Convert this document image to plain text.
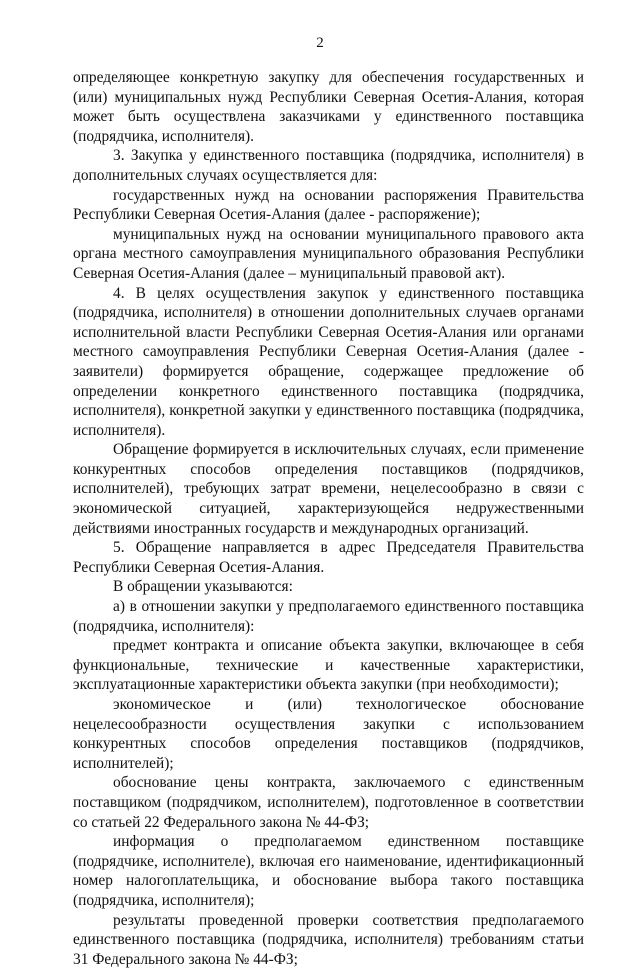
2

определяющее конкретную закупку для обеспечения государственных и (или) муниципальных нужд Республики Северная Осетия-Алания, которая может быть осуществлена заказчиками у единственного поставщика (подрядчика, исполнителя).

3. Закупка у единственного поставщика (подрядчика, исполнителя) в дополнительных случаях осуществляется для:

государственных нужд на основании распоряжения Правительства Республики Северная Осетия-Алания (далее - распоряжение);

муниципальных нужд на основании муниципального правового акта органа местного самоуправления муниципального образования Республики Северная Осетия-Алания (далее – муниципальный правовой акт).

4. В целях осуществления закупок у единственного поставщика (подрядчика, исполнителя) в отношении дополнительных случаев органами исполнительной власти Республики Северная Осетия-Алания или органами местного самоуправления Республики Северная Осетия-Алания (далее - заявители) формируется обращение, содержащее предложение об определении конкретного единственного поставщика (подрядчика, исполнителя), конкретной закупки у единственного поставщика (подрядчика, исполнителя).

Обращение формируется в исключительных случаях, если применение конкурентных способов определения поставщиков (подрядчиков, исполнителей), требующих затрат времени, нецелесообразно в связи с экономической ситуацией, характеризующейся недружественными действиями иностранных государств и международных организаций.

5. Обращение направляется в адрес Председателя Правительства Республики Северная Осетия-Алания.

В обращении указываются:

а) в отношении закупки у предполагаемого единственного поставщика (подрядчика, исполнителя):

предмет контракта и описание объекта закупки, включающее в себя функциональные, технические и качественные характеристики, эксплуатационные характеристики объекта закупки (при необходимости);

экономическое и (или) технологическое обоснование нецелесообразности осуществления закупки с использованием конкурентных способов определения поставщиков (подрядчиков, исполнителей);

обоснование цены контракта, заключаемого с единственным поставщиком (подрядчиком, исполнителем), подготовленное в соответствии со статьей 22 Федерального закона № 44-ФЗ;

информация о предполагаемом единственном поставщике (подрядчике, исполнителе), включая его наименование, идентификационный номер налогоплательщика, и обоснование выбора такого поставщика (подрядчика, исполнителя);

результаты проведенной проверки соответствия предполагаемого единственного поставщика (подрядчика, исполнителя) требованиям статьи 31 Федерального закона № 44-ФЗ;
